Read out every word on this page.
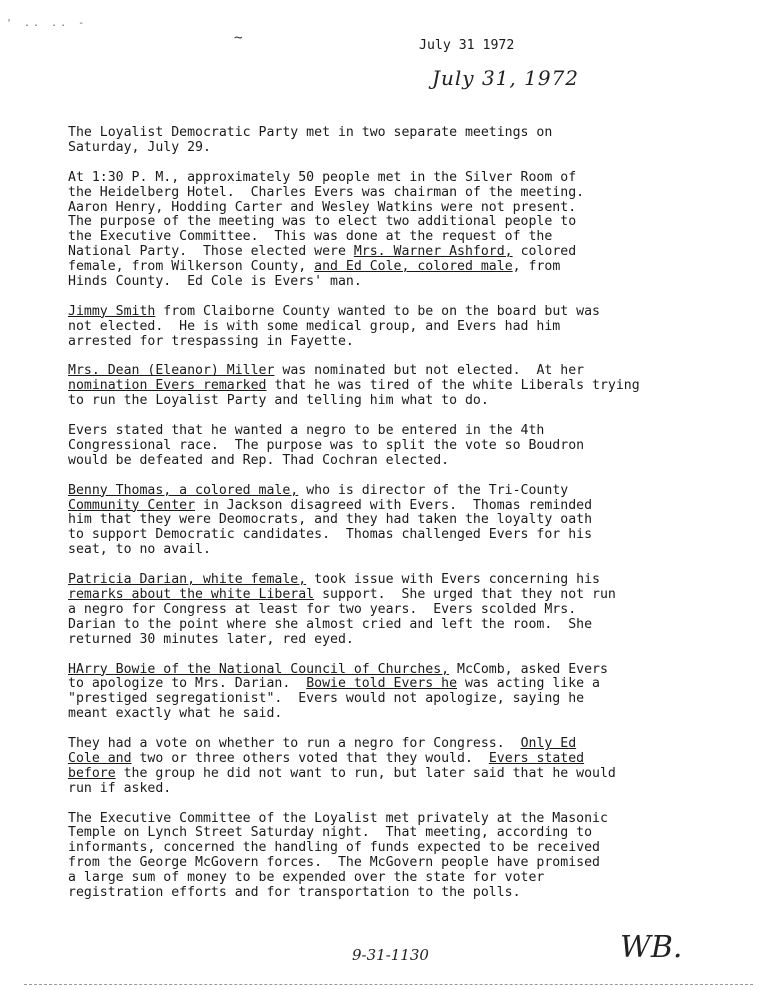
' .. .. -
~	July 31 1972
July 31, 1972

The Loyalist Democratic Party met in two separate meetings on
Saturday, July 29.

At 1:30 P. M., approximately 50 people met in the Silver Room of
the Heidelberg Hotel.  Charles Evers was chairman of the meeting.
Aaron Henry, Hodding Carter and Wesley Watkins were not present.
The purpose of the meeting was to elect two additional people to
the Executive Committee.  This was done at the request of the
National Party.  Those elected were Mrs. Warner Ashford, colored
female, from Wilkerson County, and Ed Cole, colored male, from
Hinds County.  Ed Cole is Evers' man.

Jimmy Smith from Claiborne County wanted to be on the board but was
not elected.  He is with some medical group, and Evers had him
arrested for trespassing in Fayette.

Mrs. Dean (Eleanor) Miller was nominated but not elected.  At her
nomination Evers remarked that he was tired of the white Liberals trying
to run the Loyalist Party and telling him what to do.

Evers stated that he wanted a negro to be entered in the 4th
Congressional race.  The purpose was to split the vote so Boudron
would be defeated and Rep. Thad Cochran elected.

Benny Thomas, a colored male, who is director of the Tri-County
Community Center in Jackson disagreed with Evers.  Thomas reminded
him that they were Deomocrats, and they had taken the loyalty oath
to support Democratic candidates.  Thomas challenged Evers for his
seat, to no avail.

Patricia Darian, white female, took issue with Evers concerning his
remarks about the white Liberal support.  She urged that they not run
a negro for Congress at least for two years.  Evers scolded Mrs.
Darian to the point where she almost cried and left the room.  She
returned 30 minutes later, red eyed.

HArry Bowie of the National Council of Churches, McComb, asked Evers
to apologize to Mrs. Darian.  Bowie told Evers he was acting like a
"prestiged segregationist".  Evers would not apologize, saying he
meant exactly what he said.

They had a vote on whether to run a negro for Congress.  Only Ed
Cole and two or three others voted that they would.  Evers stated
before the group he did not want to run, but later said that he would
run if asked.

The Executive Committee of the Loyalist met privately at the Masonic
Temple on Lynch Street Saturday night.  That meeting, according to
informants, concerned the handling of funds expected to be received
from the George McGovern forces.  The McGovern people have promised
a large sum of money to be expended over the state for voter
registration efforts and for transportation to the polls.

9-31-1130	WB.
